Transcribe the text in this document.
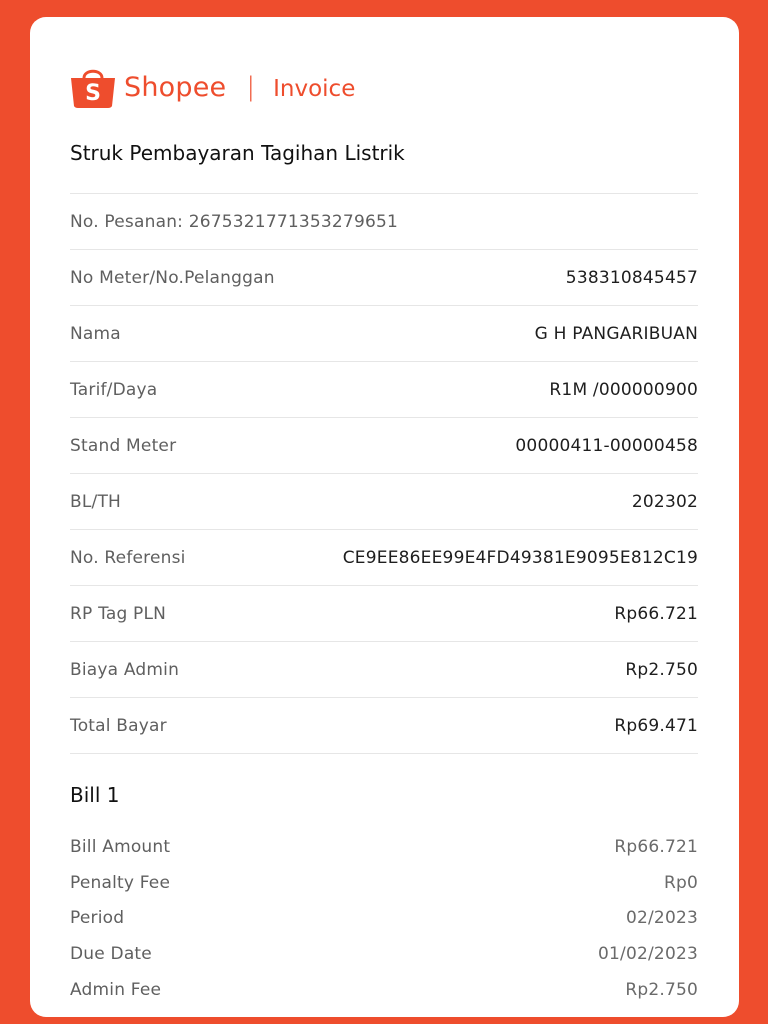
S Shopee | Invoice
Struk Pembayaran Tagihan Listrik
No. Pesanan: 2675321771353279651
No Meter/No.Pelanggan	538310845457
Nama	G H PANGARIBUAN
Tarif/Daya	R1M /000000900
Stand Meter	00000411-00000458
BL/TH	202302
No. Referensi	CE9EE86EE99E4FD49381E9095E812C19
RP Tag PLN	Rp66.721
Biaya Admin	Rp2.750
Total Bayar	Rp69.471
Bill 1
Bill Amount	Rp66.721
Penalty Fee	Rp0
Period	02/2023
Due Date	01/02/2023
Admin Fee	Rp2.750
